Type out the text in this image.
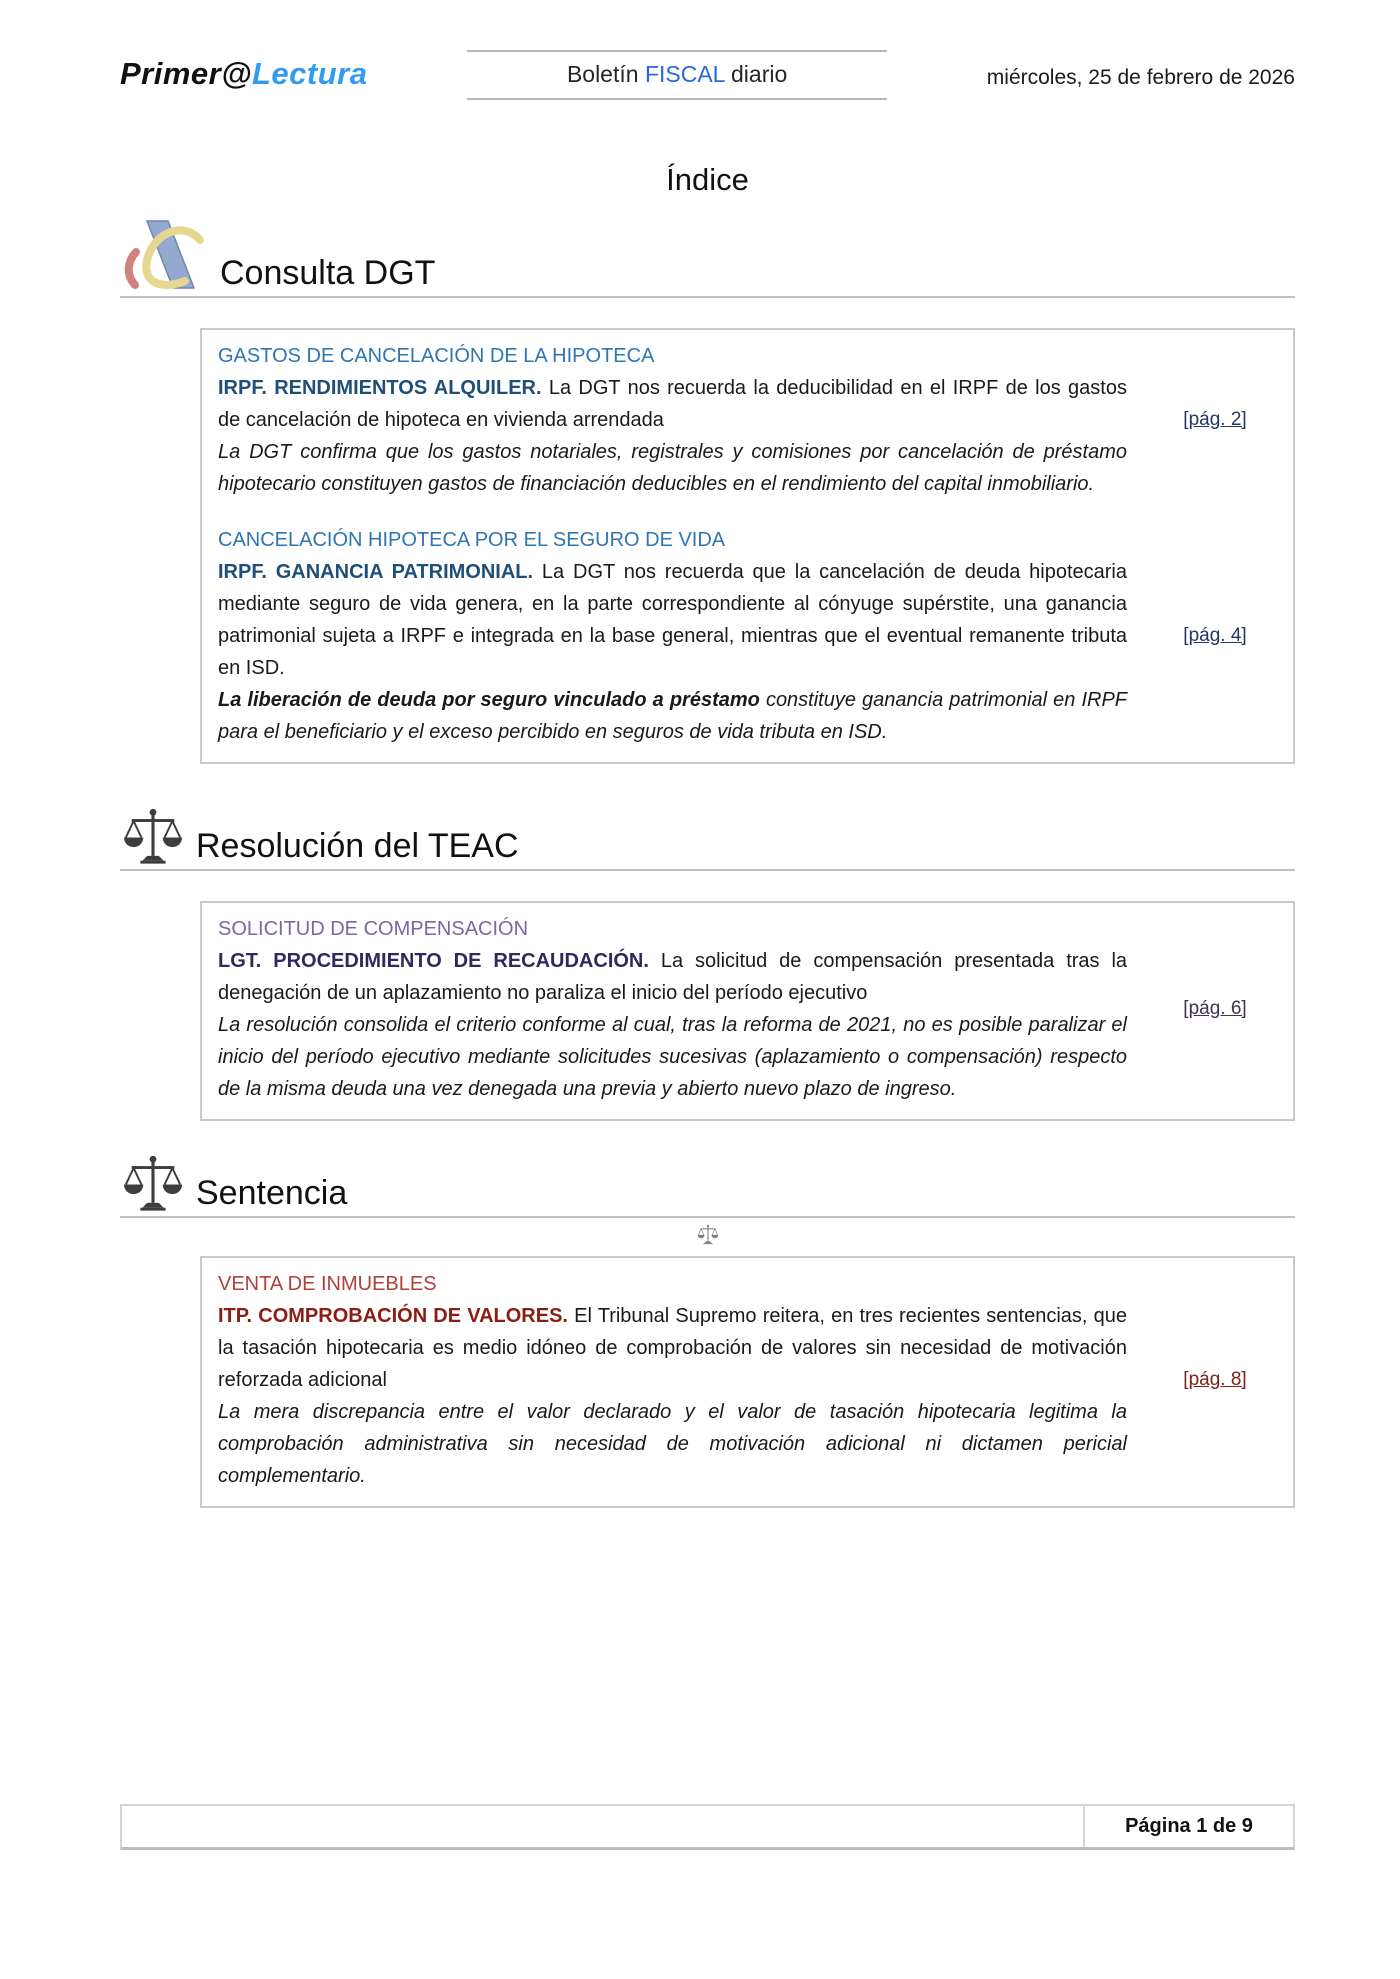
Primer@Lectura	Boletín FISCAL diario	miércoles, 25 de febrero de 2026
Índice
Consulta DGT
GASTOS DE CANCELACIÓN DE LA HIPOTECA

IRPF. RENDIMIENTOS ALQUILER. La DGT nos recuerda la deducibilidad en el IRPF de los gastos de cancelación de hipoteca en vivienda arrendada

La DGT confirma que los gastos notariales, registrales y comisiones por cancelación de préstamo hipotecario constituyen gastos de financiación deducibles en el rendimiento del capital inmobiliario.

[pág. 2]
CANCELACIÓN HIPOTECA POR EL SEGURO DE VIDA

IRPF. GANANCIA PATRIMONIAL. La DGT nos recuerda que la cancelación de deuda hipotecaria mediante seguro de vida genera, en la parte correspondiente al cónyuge supérstite, una ganancia patrimonial sujeta a IRPF e integrada en la base general, mientras que el eventual remanente tributa en ISD.

La liberación de deuda por seguro vinculado a préstamo constituye ganancia patrimonial en IRPF para el beneficiario y el exceso percibido en seguros de vida tributa en ISD.

[pág. 4]
Resolución del TEAC
SOLICITUD DE COMPENSACIÓN

LGT. PROCEDIMIENTO DE RECAUDACIÓN. La solicitud de compensación presentada tras la denegación de un aplazamiento no paraliza el inicio del período ejecutivo

La resolución consolida el criterio conforme al cual, tras la reforma de 2021, no es posible paralizar el inicio del período ejecutivo mediante solicitudes sucesivas (aplazamiento o compensación) respecto de la misma deuda una vez denegada una previa y abierto nuevo plazo de ingreso.

[pág. 6]
Sentencia
VENTA DE INMUEBLES

ITP. COMPROBACIÓN DE VALORES. El Tribunal Supremo reitera, en tres recientes sentencias, que la tasación hipotecaria es medio idóneo de comprobación de valores sin necesidad de motivación reforzada adicional

La mera discrepancia entre el valor declarado y el valor de tasación hipotecaria legitima la comprobación administrativa sin necesidad de motivación adicional ni dictamen pericial complementario.

[pág. 8]
Página 1 de 9
